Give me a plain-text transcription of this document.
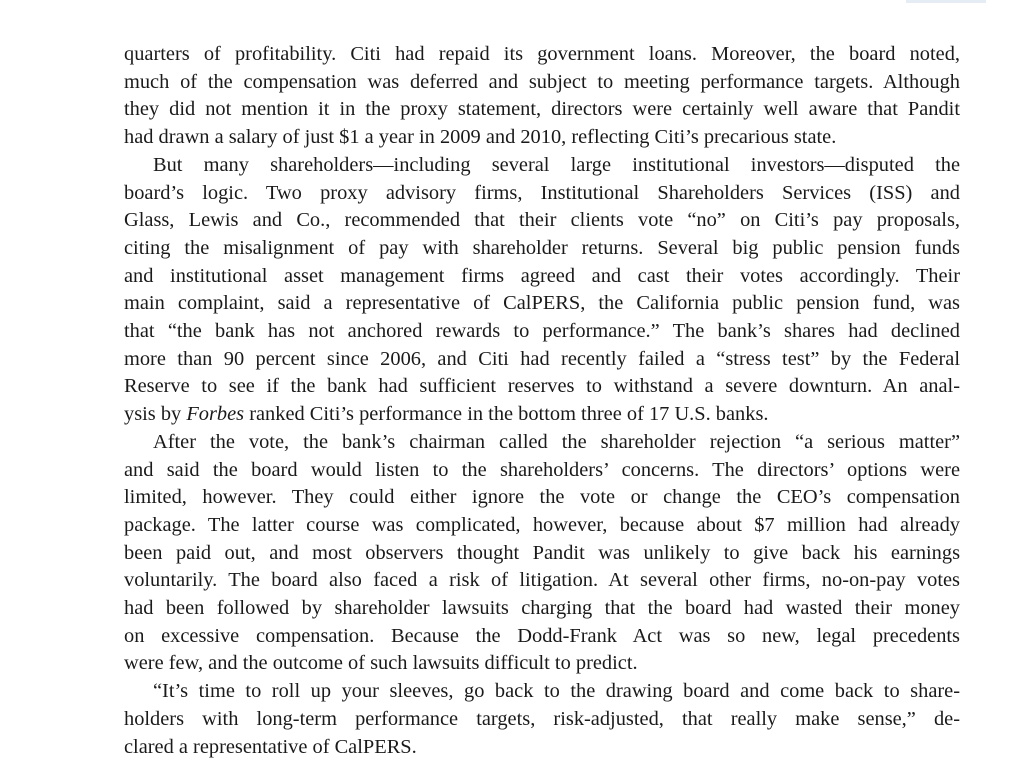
quarters of profitability. Citi had repaid its government loans. Moreover, the board noted,
much of the compensation was deferred and subject to meeting performance targets. Although
they did not mention it in the proxy statement, directors were certainly well aware that Pandit
had drawn a salary of just $1 a year in 2009 and 2010, reflecting Citi’s precarious state.

But many shareholders—including several large institutional investors—disputed the
board’s logic. Two proxy advisory firms, Institutional Shareholders Services (ISS) and
Glass, Lewis and Co., recommended that their clients vote “no” on Citi’s pay proposals,
citing the misalignment of pay with shareholder returns. Several big public pension funds
and institutional asset management firms agreed and cast their votes accordingly. Their
main complaint, said a representative of CalPERS, the California public pension fund, was
that “the bank has not anchored rewards to performance.” The bank’s shares had declined
more than 90 percent since 2006, and Citi had recently failed a “stress test” by the Federal
Reserve to see if the bank had sufficient reserves to withstand a severe downturn. An anal-
ysis by Forbes ranked Citi’s performance in the bottom three of 17 U.S. banks.

After the vote, the bank’s chairman called the shareholder rejection “a serious matter”
and said the board would listen to the shareholders’ concerns. The directors’ options were
limited, however. They could either ignore the vote or change the CEO’s compensation
package. The latter course was complicated, however, because about $7 million had already
been paid out, and most observers thought Pandit was unlikely to give back his earnings
voluntarily. The board also faced a risk of litigation. At several other firms, no-on-pay votes
had been followed by shareholder lawsuits charging that the board had wasted their money
on excessive compensation. Because the Dodd-Frank Act was so new, legal precedents
were few, and the outcome of such lawsuits difficult to predict.

“It’s time to roll up your sleeves, go back to the drawing board and come back to share-
holders with long-term performance targets, risk-adjusted, that really make sense,” de-
clared a representative of CalPERS.
